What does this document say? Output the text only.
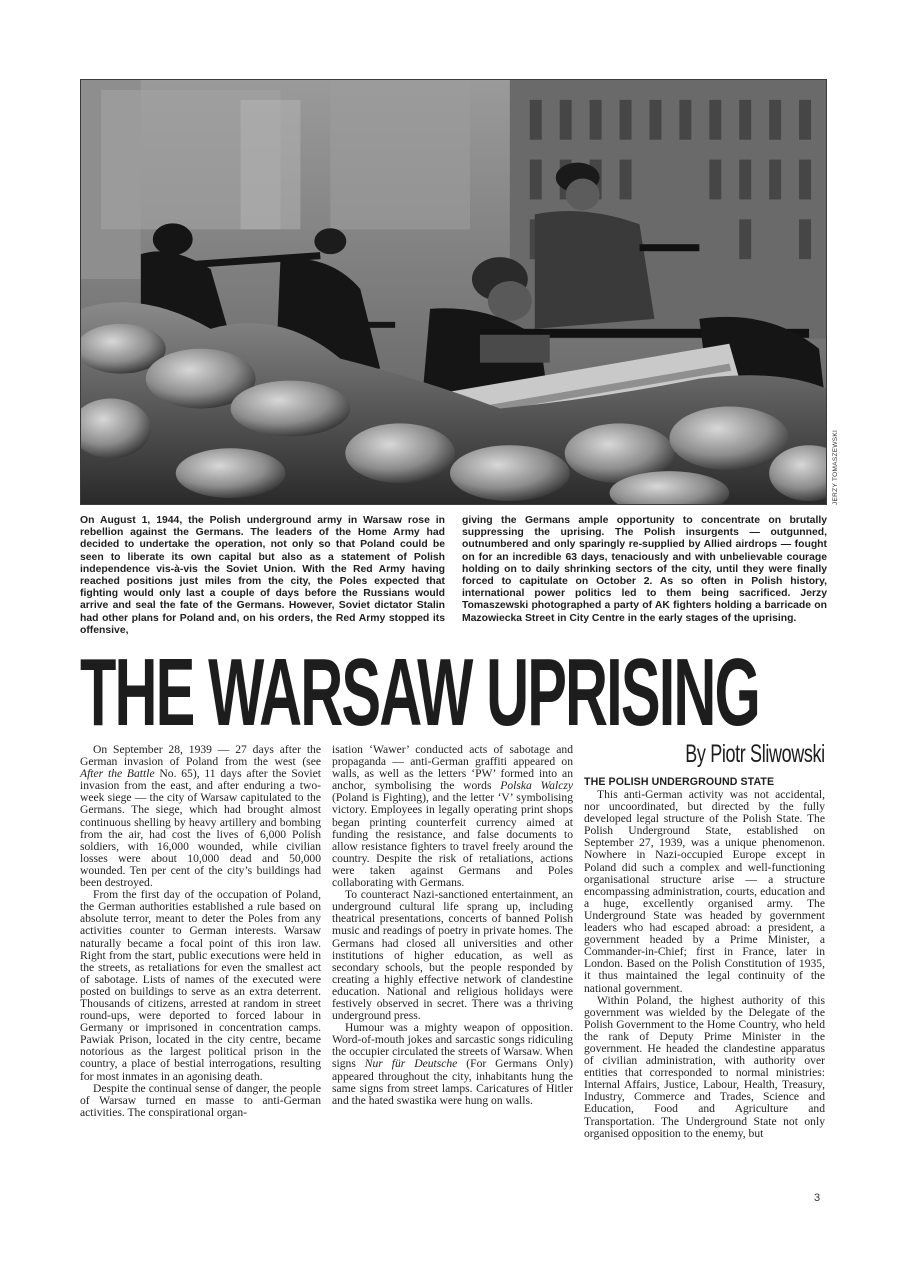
JERZY TOMASZEWSKI
On August 1, 1944, the Polish underground army in Warsaw rose in rebellion against the Germans. The leaders of the Home Army had decided to undertake the operation, not only so that Poland could be seen to liberate its own capital but also as a statement of Polish independence vis-à-vis the Soviet Union. With the Red Army having reached positions just miles from the city, the Poles expected that fighting would only last a couple of days before the Russians would arrive and seal the fate of the Germans. However, Soviet dictator Stalin had other plans for Poland and, on his orders, the Red Army stopped its offensive,
giving the Germans ample opportunity to concentrate on brutally suppressing the uprising. The Polish insurgents — outgunned, outnumbered and only sparingly re-supplied by Allied airdrops — fought on for an incredible 63 days, tenaciously and with unbelievable courage holding on to daily shrinking sectors of the city, until they were finally forced to capitulate on October 2. As so often in Polish history, international power politics led to them being sacrificed. Jerzy Tomaszewski photographed a party of AK fighters holding a barricade on Mazowiecka Street in City Centre in the early stages of the uprising.
THE WARSAW UPRISING

On September 28, 1939 — 27 days after the German invasion of Poland from the west (see After the Battle No. 65), 11 days after the Soviet invasion from the east, and after enduring a two-week siege — the city of Warsaw capitulated to the Germans. The siege, which had brought almost continuous shelling by heavy artillery and bombing from the air, had cost the lives of 6,000 Polish soldiers, with 16,000 wounded, while civilian losses were about 10,000 dead and 50,000 wounded. Ten per cent of the city’s buildings had been destroyed.

From the first day of the occupation of Poland, the German authorities established a rule based on absolute terror, meant to deter the Poles from any activities counter to German interests. Warsaw naturally became a focal point of this iron law. Right from the start, public executions were held in the streets, as retaliations for even the smallest act of sabotage. Lists of names of the executed were posted on buildings to serve as an extra deterrent. Thousands of citizens, arrested at random in street round-ups, were deported to forced labour in Germany or imprisoned in concentration camps. Pawiak Prison, located in the city centre, became notorious as the largest political prison in the country, a place of bestial interrogations, resulting for most inmates in an agonising death.

Despite the continual sense of danger, the people of Warsaw turned en masse to anti-German activities. The conspirational organ-

isation ‘Wawer’ conducted acts of sabotage and propaganda — anti-German graffiti appeared on walls, as well as the letters ‘PW’ formed into an anchor, symbolising the words Polska Walczy (Poland is Fighting), and the letter ‘V’ symbolising victory. Employees in legally operating print shops began printing counterfeit currency aimed at funding the resistance, and false documents to allow resistance fighters to travel freely around the country. Despite the risk of retaliations, actions were taken against Germans and Poles collaborating with Germans.

To counteract Nazi-sanctioned entertainment, an underground cultural life sprang up, including theatrical presentations, concerts of banned Polish music and readings of poetry in private homes. The Germans had closed all universities and other institutions of higher education, as well as secondary schools, but the people responded by creating a highly effective network of clandestine education. National and religious holidays were festively observed in secret. There was a thriving underground press.

Humour was a mighty weapon of opposition. Word-of-mouth jokes and sarcastic songs ridiculing the occupier circulated the streets of Warsaw. When signs Nur für Deutsche (For Germans Only) appeared throughout the city, inhabitants hung the same signs from street lamps. Caricatures of Hitler and the hated swastika were hung on walls.

By Piotr Sliwowski
THE POLISH UNDERGROUND STATE

This anti-German activity was not accidental, nor uncoordinated, but directed by the fully developed legal structure of the Polish State. The Polish Underground State, established on September 27, 1939, was a unique phenomenon. Nowhere in Nazi-occupied Europe except in Poland did such a complex and well-functioning organisational structure arise — a structure encompassing administration, courts, education and a huge, excellently organised army. The Underground State was headed by government leaders who had escaped abroad: a president, a government headed by a Prime Minister, a Commander-in-Chief; first in France, later in London. Based on the Polish Constitution of 1935, it thus maintained the legal continuity of the national government.

Within Poland, the highest authority of this government was wielded by the Delegate of the Polish Government to the Home Country, who held the rank of Deputy Prime Minister in the government. He headed the clandestine apparatus of civilian administration, with authority over entities that corresponded to normal ministries: Internal Affairs, Justice, Labour, Health, Treasury, Industry, Commerce and Trades, Science and Education, Food and Agriculture and Transportation. The Underground State not only organised opposition to the enemy, but

3
